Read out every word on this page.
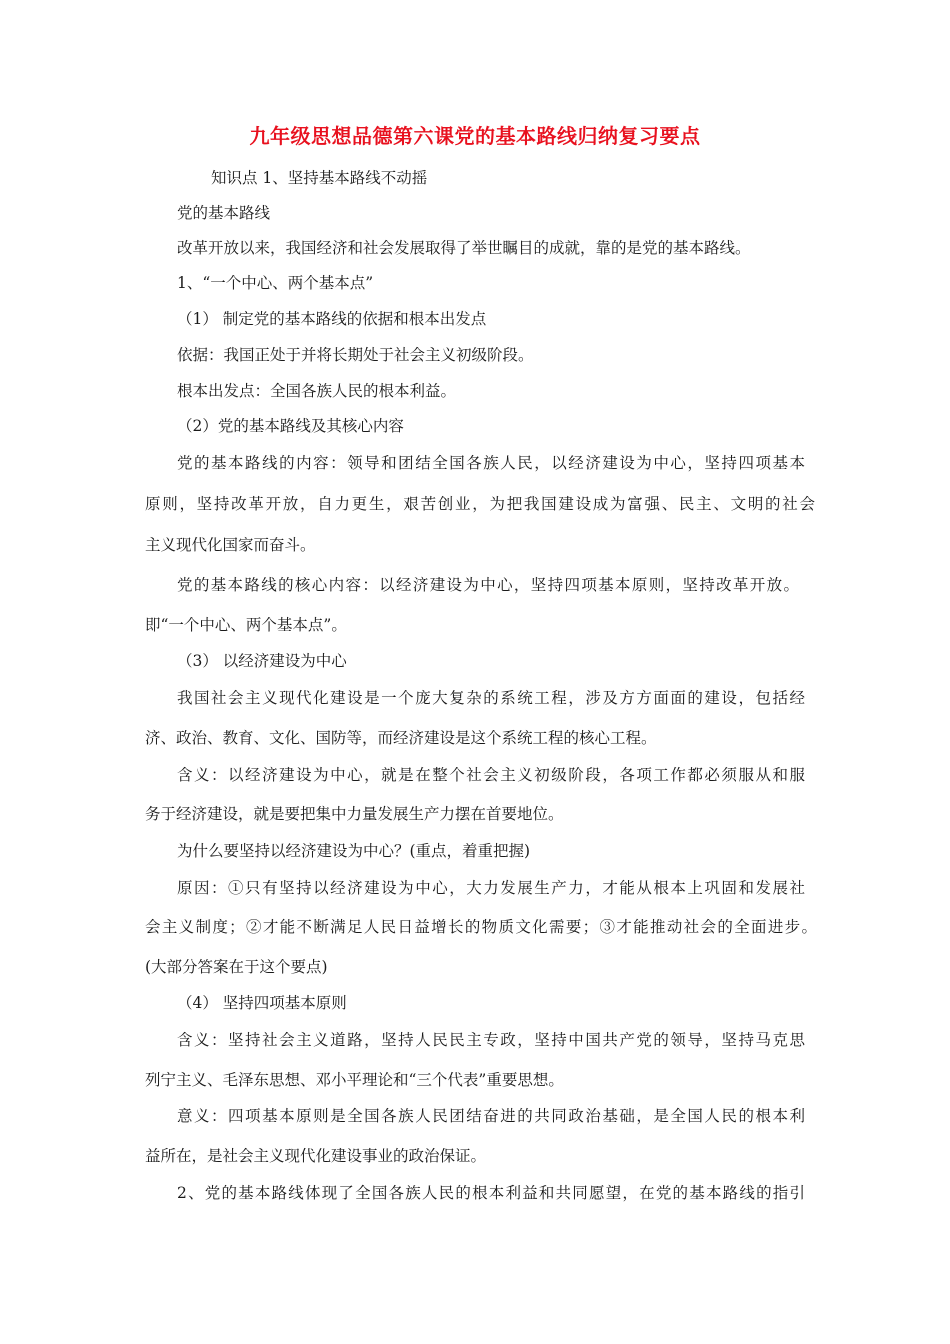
九年级思想品德第六课党的基本路线归纳复习要点
知识点 1、坚持基本路线不动摇
党的基本路线
改革开放以来，我国经济和社会发展取得了举世瞩目的成就，靠的是党的基本路线。
1、“一个中心、两个基本点”
（1） 制定党的基本路线的依据和根本出发点
依据：我国正处于并将长期处于社会主义初级阶段。
根本出发点：全国各族人民的根本利益。
（2）党的基本路线及其核心内容
党的基本路线的内容：领导和团结全国各族人民，以经济建设为中心，坚持四项基本
原则，坚持改革开放，自力更生，艰苦创业，为把我国建设成为富强、民主、文明的社会
主义现代化国家而奋斗。
党的基本路线的核心内容：以经济建设为中心，坚持四项基本原则，坚持改革开放。
即“一个中心、两个基本点”。
（3） 以经济建设为中心
我国社会主义现代化建设是一个庞大复杂的系统工程，涉及方方面面的建设，包括经
济、政治、教育、文化、国防等，而经济建设是这个系统工程的核心工程。
含义：以经济建设为中心，就是在整个社会主义初级阶段，各项工作都必须服从和服
务于经济建设，就是要把集中力量发展生产力摆在首要地位。
为什么要坚持以经济建设为中心？(重点，着重把握)
原因：①只有坚持以经济建设为中心，大力发展生产力，才能从根本上巩固和发展社
会主义制度；②才能不断满足人民日益增长的物质文化需要；③才能推动社会的全面进步。
(大部分答案在于这个要点)
（4） 坚持四项基本原则
含义：坚持社会主义道路，坚持人民民主专政，坚持中国共产党的领导，坚持马克思
列宁主义、毛泽东思想、邓小平理论和“三个代表”重要思想。
意义：四项基本原则是全国各族人民团结奋进的共同政治基础，是全国人民的根本利
益所在，是社会主义现代化建设事业的政治保证。
2、党的基本路线体现了全国各族人民的根本利益和共同愿望，在党的基本路线的指引
